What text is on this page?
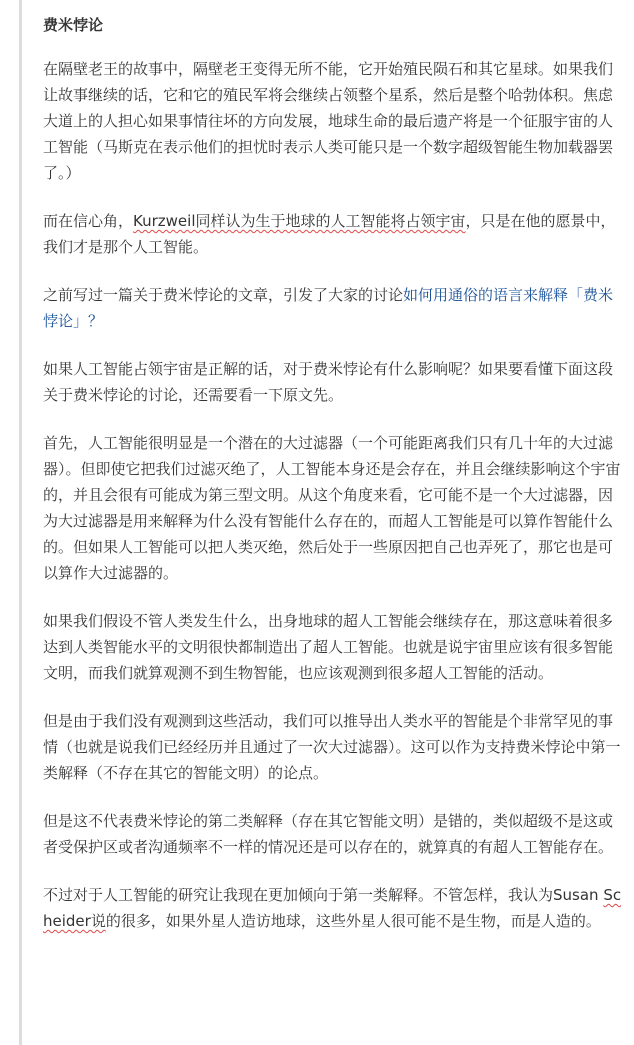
费米悖论

在隔壁老王的故事中，隔壁老王变得无所不能，它开始殖民陨石和其它星球。如果我们让故事继续的话，它和它的殖民军将会继续占领整个星系，然后是整个哈勃体积。焦虑大道上的人担心如果事情往坏的方向发展，地球生命的最后遗产将是一个征服宇宙的人工智能（马斯克在表示他们的担忧时表示人类可能只是一个数字超级智能生物加载器罢了。）

而在信心角，Kurzweil同样认为生于地球的人工智能将占领宇宙，只是在他的愿景中，我们才是那个人工智能。

之前写过一篇关于费米悖论的文章，引发了大家的讨论如何用通俗的语言来解释「费米悖论」？

如果人工智能占领宇宙是正解的话，对于费米悖论有什么影响呢？如果要看懂下面这段关于费米悖论的讨论，还需要看一下原文先。

首先，人工智能很明显是一个潜在的大过滤器（一个可能距离我们只有几十年的大过滤器）。但即使它把我们过滤灭绝了，人工智能本身还是会存在，并且会继续影响这个宇宙的，并且会很有可能成为第三型文明。从这个角度来看，它可能不是一个大过滤器，因为大过滤器是用来解释为什么没有智能什么存在的，而超人工智能是可以算作智能什么的。但如果人工智能可以把人类灭绝，然后处于一些原因把自己也弄死了，那它也是可以算作大过滤器的。

如果我们假设不管人类发生什么，出身地球的超人工智能会继续存在，那这意味着很多达到人类智能水平的文明很快都制造出了超人工智能。也就是说宇宙里应该有很多智能文明，而我们就算观测不到生物智能，也应该观测到很多超人工智能的活动。

但是由于我们没有观测到这些活动，我们可以推导出人类水平的智能是个非常罕见的事情（也就是说我们已经经历并且通过了一次大过滤器）。这可以作为支持费米悖论中第一类解释（不存在其它的智能文明）的论点。

但是这不代表费米悖论的第二类解释（存在其它智能文明）是错的，类似超级不是这或者受保护区或者沟通频率不一样的情况还是可以存在的，就算真的有超人工智能存在。

不过对于人工智能的研究让我现在更加倾向于第一类解释。不管怎样，我认为Susan Scheider说的很多，如果外星人造访地球，这些外星人很可能不是生物，而是人造的。
